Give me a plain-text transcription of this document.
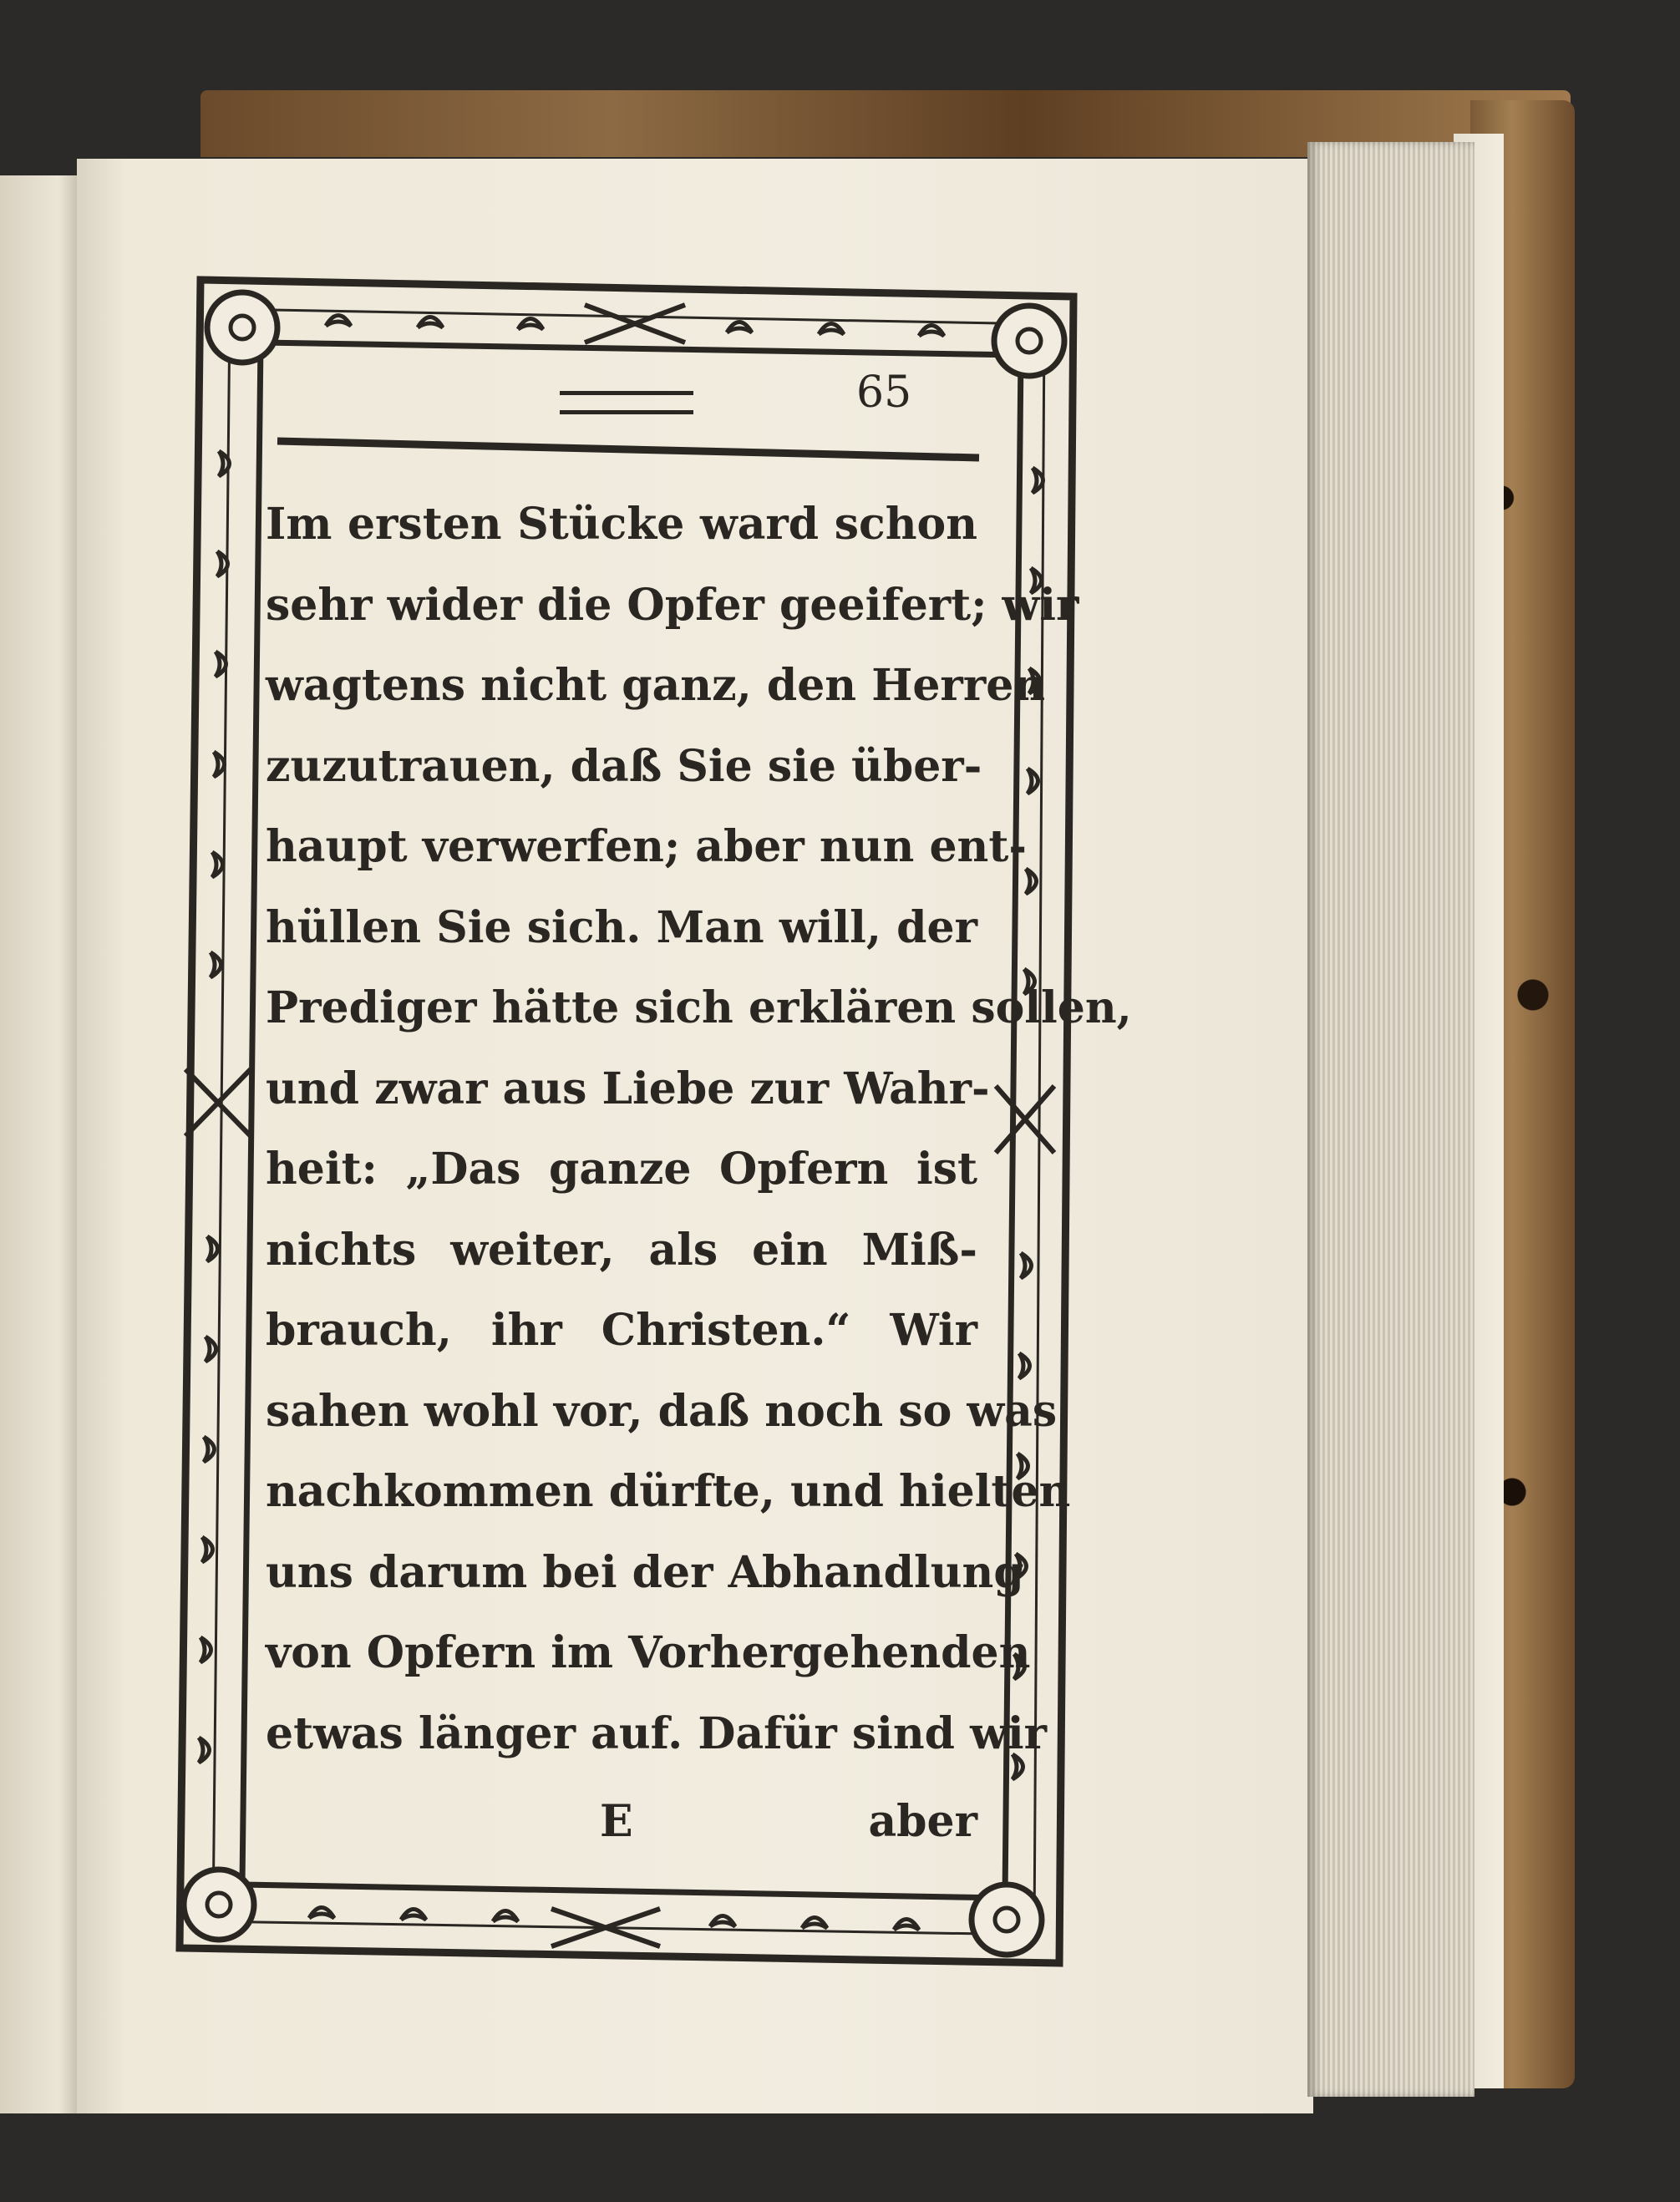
65
Im ersten Stücke ward schon
sehr wider die Opfer geeifert; wir
wagtens nicht ganz, den Herren
zuzutrauen, daß Sie sie über-
haupt verwerfen; aber nun ent-
hüllen Sie sich. Man will, der
Prediger hätte sich erklären sollen,
und zwar aus Liebe zur Wahr-
heit: „Das ganze Opfern ist
nichts weiter, als ein Miß-
brauch, ihr Christen.“ Wir
sahen wohl vor, daß noch so was
nachkommen dürfte, und hielten
uns darum bei der Abhandlung
von Opfern im Vorhergehenden
etwas länger auf. Dafür sind wir
E	aber
